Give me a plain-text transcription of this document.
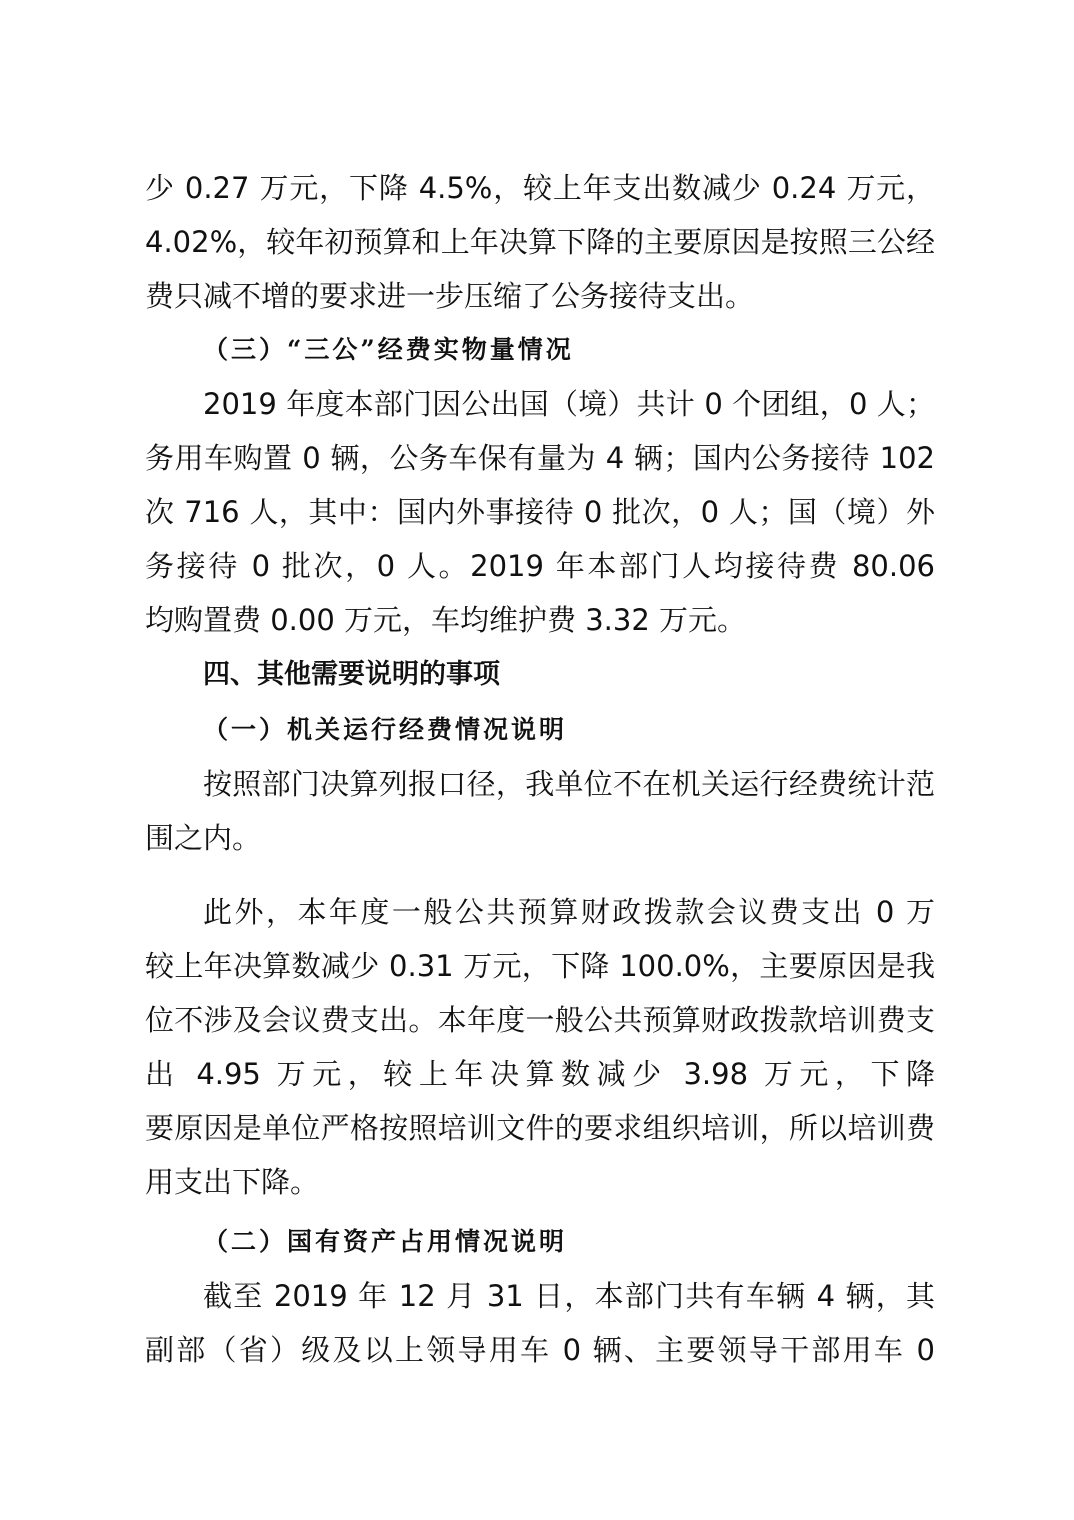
少 0.27 万元，下降 4.5%，较上年支出数减少 0.24 万元，
4.02%，较年初预算和上年决算下降的主要原因是按照三公经
费只减不增的要求进一步压缩了公务接待支出。
（三）“三公”经费实物量情况
2019 年度本部门因公出国（境）共计 0 个团组，0 人；
务用车购置 0 辆，公务车保有量为 4 辆；国内公务接待 102
次 716 人，其中：国内外事接待 0 批次，0 人；国（境）外
务接待 0 批次，0 人。2019 年本部门人均接待费 80.06
均购置费 0.00 万元，车均维护费 3.32 万元。
四、其他需要说明的事项
（一）机关运行经费情况说明
按照部门决算列报口径，我单位不在机关运行经费统计范
围之内。
此外，本年度一般公共预算财政拨款会议费支出 0 万
较上年决算数减少 0.31 万元，下降 100.0%，主要原因是我
位不涉及会议费支出。本年度一般公共预算财政拨款培训费支
出 4.95 万元，较上年决算数减少 3.98 万元，下降
要原因是单位严格按照培训文件的要求组织培训，所以培训费
用支出下降。
（二）国有资产占用情况说明
截至 2019 年 12 月 31 日，本部门共有车辆 4 辆，其
副部（省）级及以上领导用车 0 辆、主要领导干部用车 0
